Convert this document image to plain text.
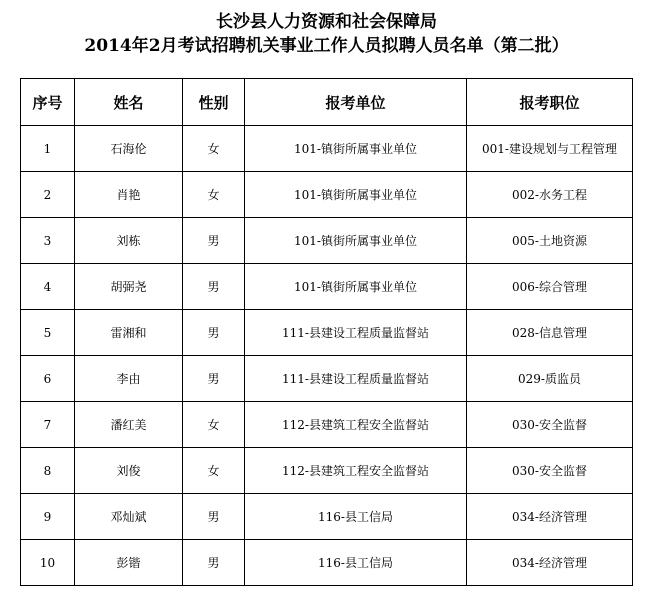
长沙县人力资源和社会保障局
2014年2月考试招聘机关事业工作人员拟聘人员名单（第二批）
序号	姓名	性别	报考单位	报考职位
1	石海伦	女	101-镇街所属事业单位	001-建设规划与工程管理
2	肖艳	女	101-镇街所属事业单位	002-水务工程
3	刘栋	男	101-镇街所属事业单位	005-土地资源
4	胡弼尧	男	101-镇街所属事业单位	006-综合管理
5	雷湘和	男	111-县建设工程质量监督站	028-信息管理
6	李由	男	111-县建设工程质量监督站	029-质监员
7	潘红美	女	112-县建筑工程安全监督站	030-安全监督
8	刘俊	女	112-县建筑工程安全监督站	030-安全监督
9	邓灿斌	男	116-县工信局	034-经济管理
10	彭锴	男	116-县工信局	034-经济管理
